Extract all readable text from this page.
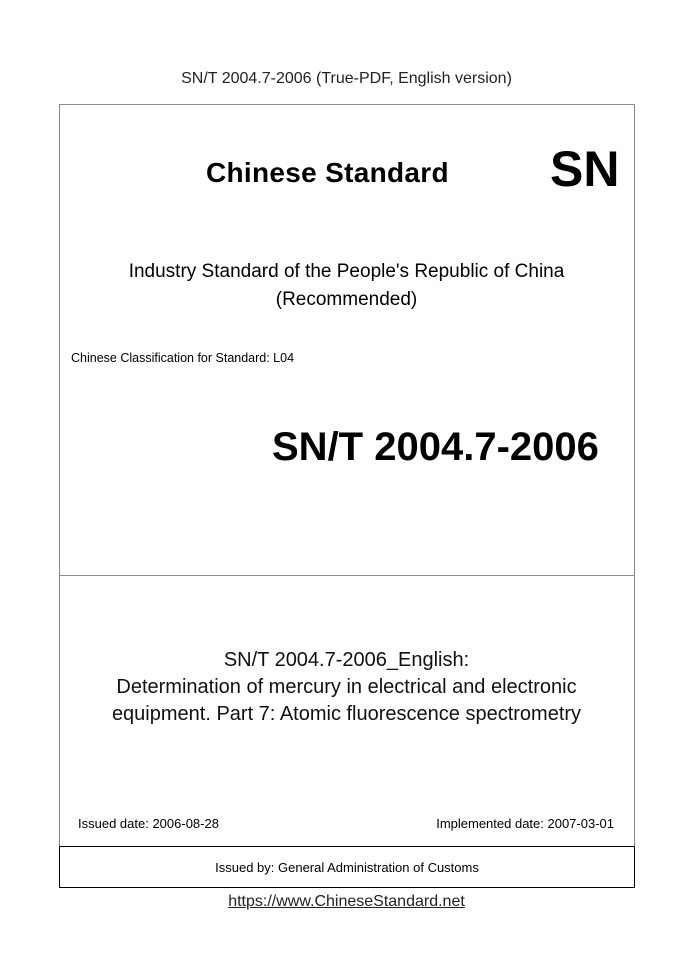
SN/T 2004.7-2006 (True-PDF, English version)
Chinese Standard SN
Industry Standard of the People's Republic of China
(Recommended)
Chinese Classification for Standard: L04
SN/T 2004.7-2006
SN/T 2004.7-2006_English:
Determination of mercury in electrical and electronic
equipment. Part 7: Atomic fluorescence spectrometry
Issued date: 2006-08-28	Implemented date: 2007-03-01
Issued by: General Administration of Customs
https://www.ChineseStandard.net
